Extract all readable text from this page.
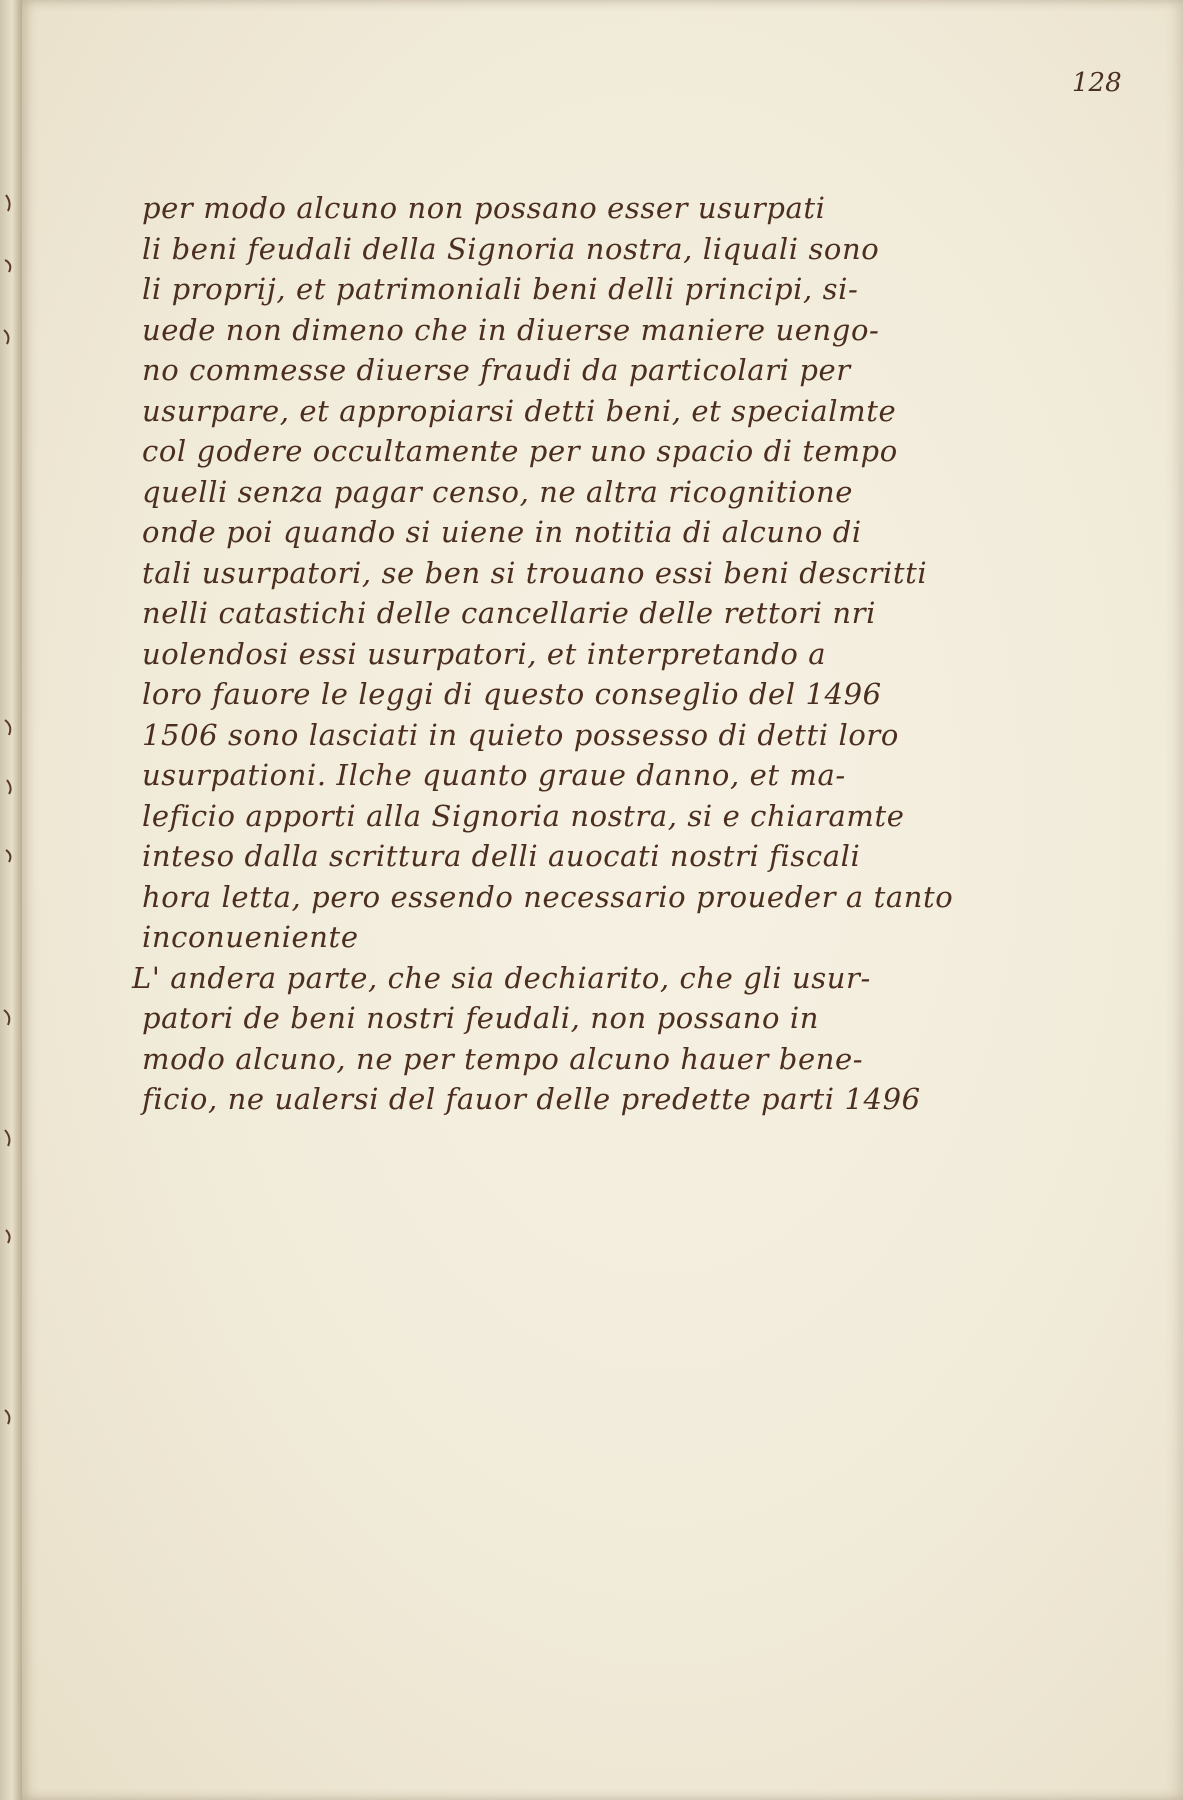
128
per modo alcuno non possano esser usurpati
li beni feudali della Signoria nostra, liquali sono
li proprij, et patrimoniali beni delli principi, si-
uede non dimeno che in diuerse maniere uengo-
no commesse diuerse fraudi da particolari per
usurpare, et appropiarsi detti beni, et specialmte
col godere occultamente per uno spacio di tempo
quelli senza pagar censo, ne altra ricognitione
onde poi quando si uiene in notitia di alcuno di
tali usurpatori, se ben si trouano essi beni descritti
nelli catastichi delle cancellarie delle rettori nri
uolendosi essi usurpatori, et interpretando a
loro fauore le leggi di questo conseglio del 1496
1506 sono lasciati in quieto possesso di detti loro
usurpationi. Ilche quanto graue danno, et ma-
leficio apporti alla Signoria nostra, si e chiaramte
inteso dalla scrittura delli auocati nostri fiscali
hora letta, pero essendo necessario proueder a tanto
inconueniente
L' andera parte, che sia dechiarito, che gli usur-
patori de beni nostri feudali, non possano in
modo alcuno, ne per tempo alcuno hauer bene-
ficio, ne ualersi del fauor delle predette parti 1496
